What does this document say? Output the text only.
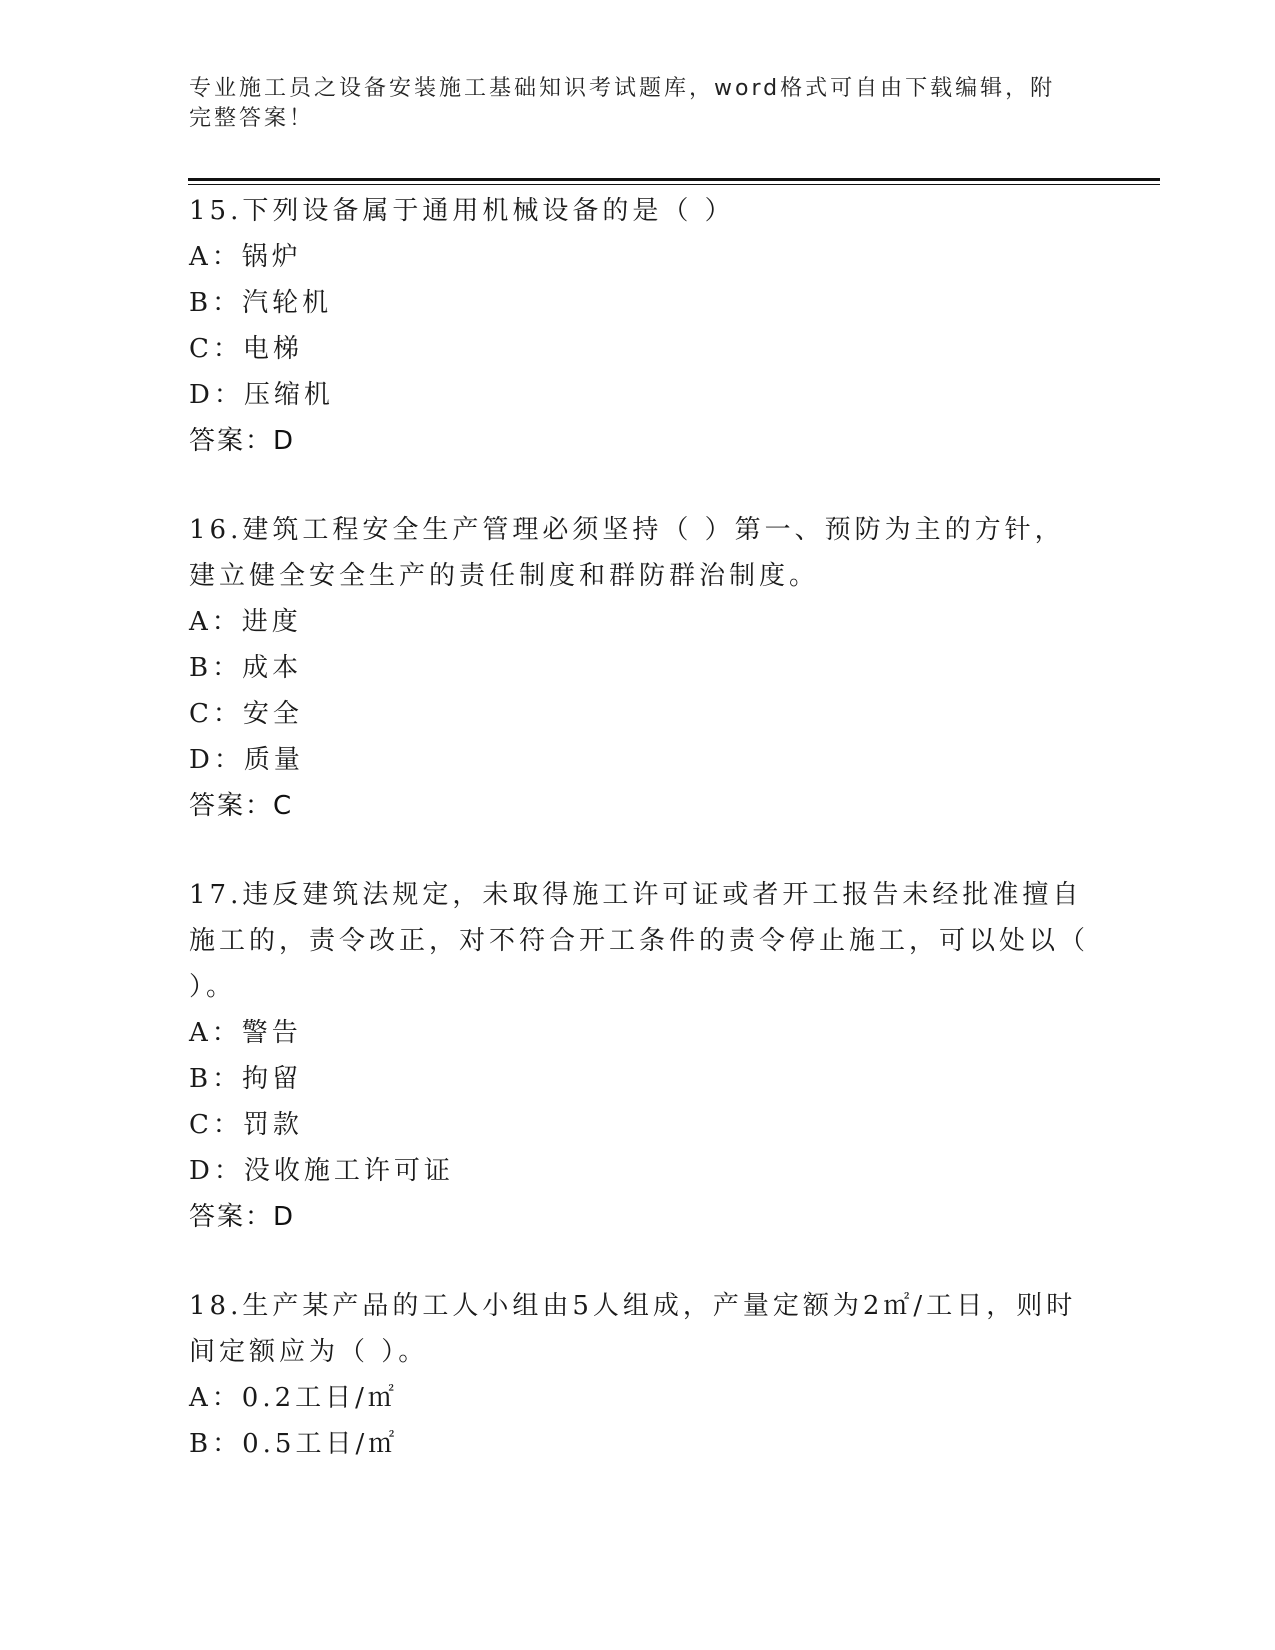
专业施工员之设备安装施工基础知识考试题库，word格式可自由下载编辑，附完整答案！
15.下列设备属于通用机械设备的是（ ）
A：锅炉
B：汽轮机
C：电梯
D：压缩机
答案：D
16.建筑工程安全生产管理必须坚持（ ）第一、预防为主的方针，建立健全安全生产的责任制度和群防群治制度。
A：进度
B：成本
C：安全
D：质量
答案：C
17.违反建筑法规定，未取得施工许可证或者开工报告未经批准擅自施工的，责令改正，对不符合开工条件的责令停止施工，可以处以（ ）。
A：警告
B：拘留
C：罚款
D：没收施工许可证
答案：D
18.生产某产品的工人小组由5人组成，产量定额为2㎡/工日，则时间定额应为（ ）。
A：0.2工日/㎡
B：0.5工日/㎡
